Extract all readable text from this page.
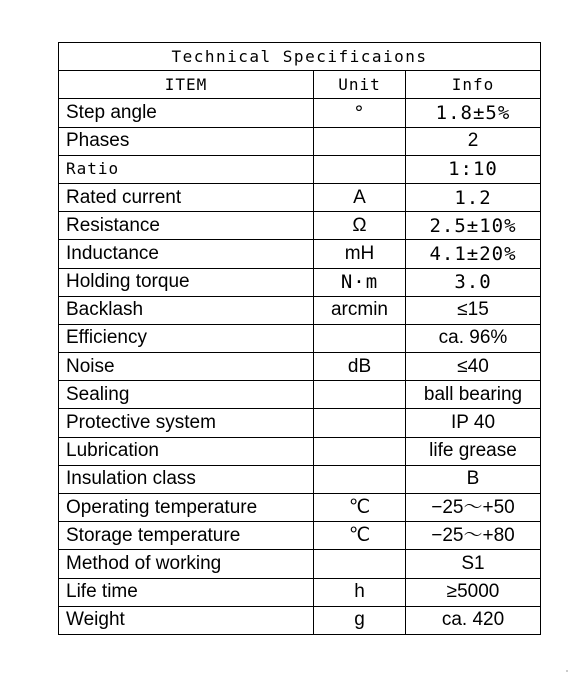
Technical Specificaions		
ITEM	Unit	Info
Step angle	°	1.8±5%
Phases		2
Ratio		1:10
Rated current	A	1.2
Resistance	Ω	2.5±10%
Inductance	mH	4.1±20%
Holding torque	N·m	3.0
Backlash	arcmin	≤15
Efficiency		ca. 96%
Noise	dB	≤40
Sealing		ball bearing
Protective system		IP 40
Lubrication		life grease
Insulation class		B
Operating temperature	℃	−25～+50
Storage temperature	℃	−25～+80
Method of working		S1
Life time	h	≥5000
Weight	g	ca. 420
